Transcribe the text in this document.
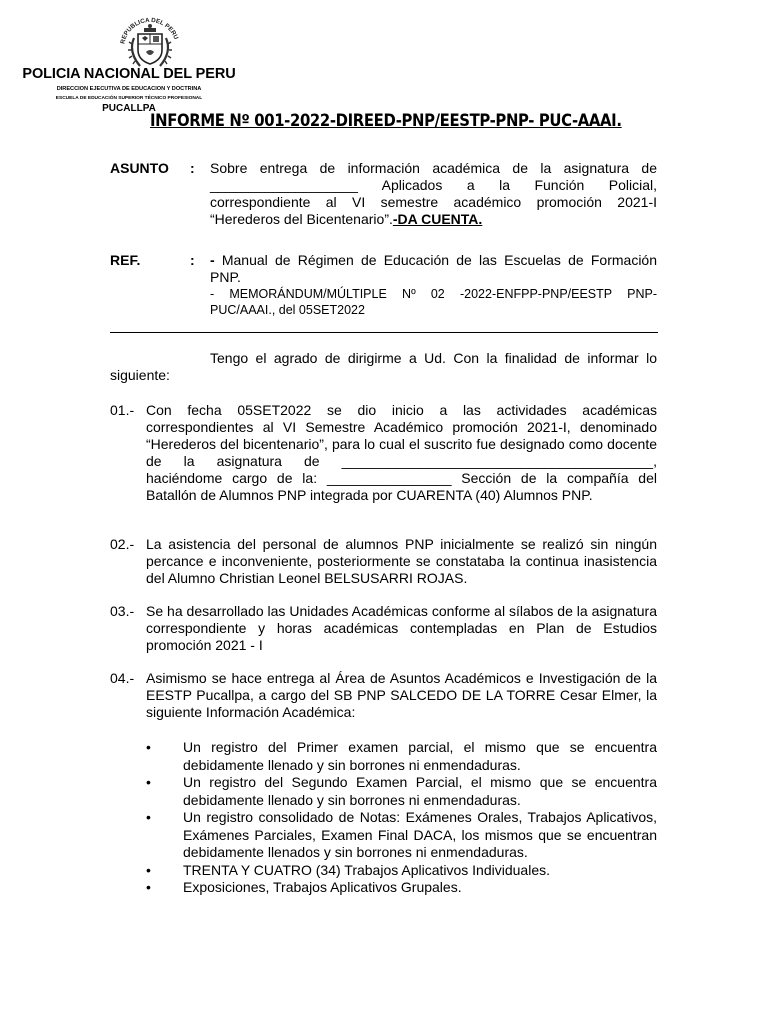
REPUBLICA DEL PERU
POLICIA NACIONAL DEL PERU
DIRECCION EJECUTIVA DE EDUCACION Y DOCTRINA
ESCUELA DE EDUCACIÓN SUPERIOR TÉCNICO PROFESIONAL
PUCALLPA
INFORME Nº 001-2022-DIREED-PNP/EESTP-PNP- PUC-AAAI.
ASUNTO : Sobre entrega de información académica de la asignatura de ___________________ Aplicados a la Función Policial, correspondiente al VI semestre académico promoción 2021-I “Herederos del Bicentenario”.-DA CUENTA.
REF.	: - Manual de Régimen de Educación de las Escuelas de Formación PNP.
- MEMORÁNDUM/MÚLTIPLE Nº 02 -2022-ENFPP-PNP/EESTP PNP-PUC/AAAI., del 05SET2022
Tengo el agrado de dirigirme a Ud. Con la finalidad de informar lo siguiente:
01.- Con fecha 05SET2022 se dio inicio a las actividades académicas correspondientes al VI Semestre Académico promoción 2021-I, denominado “Herederos del bicentenario”, para lo cual el suscrito fue designado como docente de la asignatura de ________________________________________, haciéndome cargo de la: ________________ Sección de la compañía del Batallón de Alumnos PNP integrada por CUARENTA (40) Alumnos PNP.
02.- La asistencia del personal de alumnos PNP inicialmente se realizó sin ningún percance e inconveniente, posteriormente se constataba la continua inasistencia del Alumno Christian Leonel BELSUSARRI ROJAS.
03.- Se ha desarrollado las Unidades Académicas conforme al sílabos de la asignatura correspondiente y horas académicas contempladas en Plan de Estudios promoción 2021 - I
04.- Asimismo se hace entrega al Área de Asuntos Académicos e Investigación de la EESTP Pucallpa, a cargo del SB PNP SALCEDO DE LA TORRE Cesar Elmer, la siguiente Información Académica:
• Un registro del Primer examen parcial, el mismo que se encuentra debidamente llenado y sin borrones ni enmendaduras.
• Un registro del Segundo Examen Parcial, el mismo que se encuentra debidamente llenado y sin borrones ni enmendaduras.
• Un registro consolidado de Notas: Exámenes Orales, Trabajos Aplicativos, Exámenes Parciales, Examen Final DACA, los mismos que se encuentran debidamente llenados y sin borrones ni enmendaduras.
• TRENTA Y CUATRO (34) Trabajos Aplicativos Individuales.
• Exposiciones, Trabajos Aplicativos Grupales.
